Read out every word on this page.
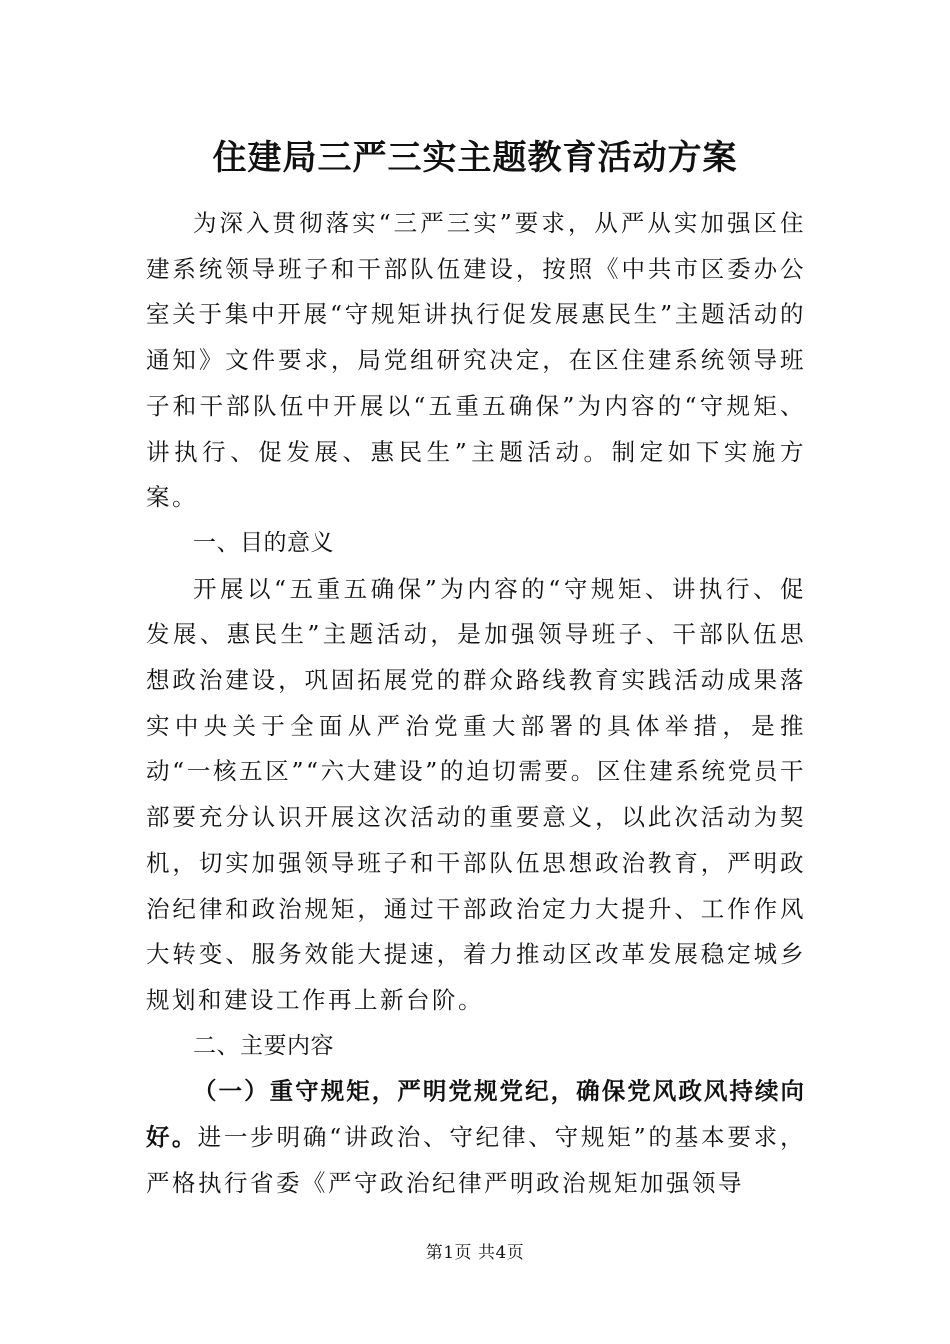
住建局三严三实主题教育活动方案

为深入贯彻落实“三严三实”要求，从严从实加强区住建系统领导班子和干部队伍建设，按照《中共市区委办公室关于集中开展“守规矩讲执行促发展惠民生”主题活动的通知》文件要求，局党组研究决定，在区住建系统领导班子和干部队伍中开展以“五重五确保”为内容的“守规矩、讲执行、促发展、惠民生”主题活动。制定如下实施方案。

一、目的意义

开展以“五重五确保”为内容的“守规矩、讲执行、促发展、惠民生”主题活动，是加强领导班子、干部队伍思想政治建设，巩固拓展党的群众路线教育实践活动成果落实中央关于全面从严治党重大部署的具体举措，是推动“一核五区”“六大建设”的迫切需要。区住建系统党员干部要充分认识开展这次活动的重要意义，以此次活动为契机，切实加强领导班子和干部队伍思想政治教育，严明政治纪律和政治规矩，通过干部政治定力大提升、工作作风大转变、服务效能大提速，着力推动区改革发展稳定城乡规划和建设工作再上新台阶。

二、主要内容

（一）重守规矩，严明党规党纪，确保党风政风持续向好。进一步明确“讲政治、守纪律、守规矩”的基本要求，严格执行省委《严守政治纪律严明政治规矩加强领导

第1页 共4页
